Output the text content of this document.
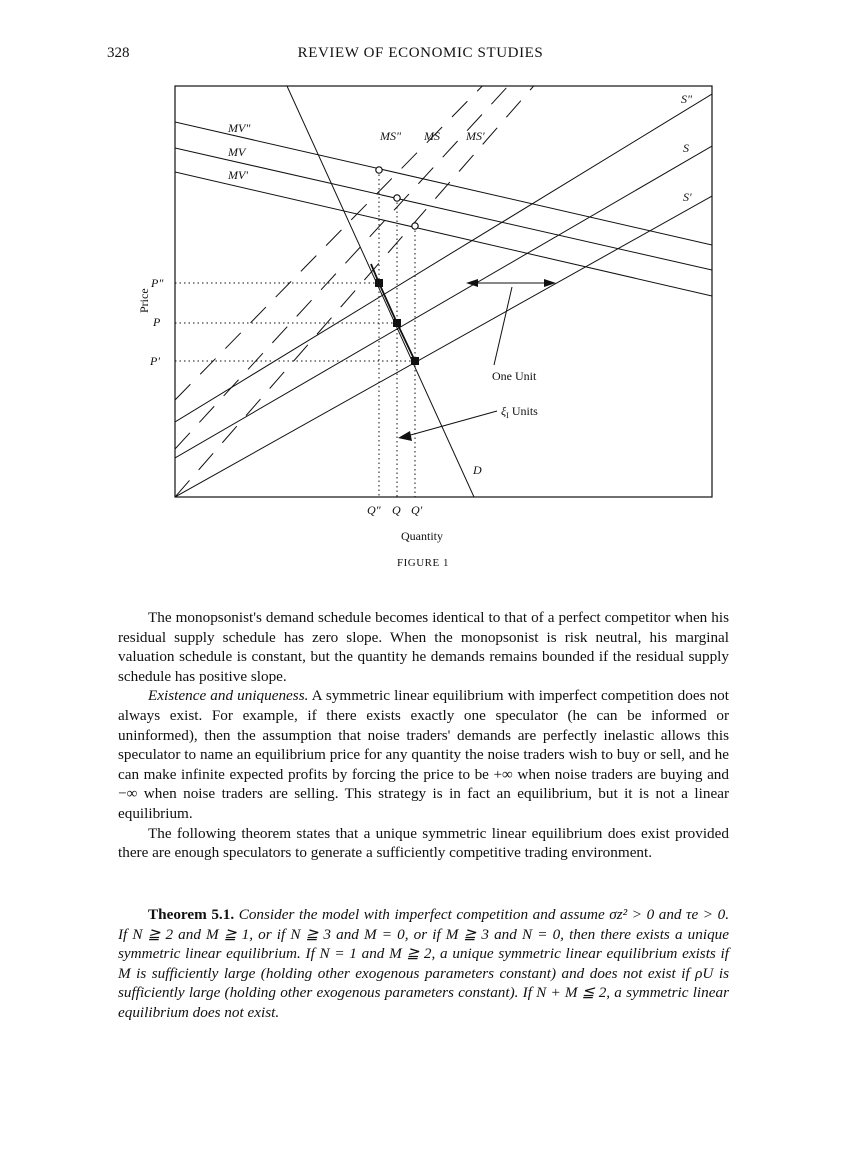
328	REVIEW OF ECONOMIC STUDIES
S"
S
S'
MV"
MV
MV'
MS" MS MS'
P"
P
P'
Q" Q Q'
D
One Unit
$\xi_I$ Units
Quantity
Price
FIGURE 1

The monopsonist's demand schedule becomes identical to that of a perfect competitor when his residual supply schedule has zero slope. When the monopsonist is risk neutral, his marginal valuation schedule is constant, but the quantity he demands remains bounded if the residual supply schedule has positive slope.

Existence and uniqueness. A symmetric linear equilibrium with imperfect competition does not always exist. For example, if there exists exactly one speculator (he can be informed or uninformed), then the assumption that noise traders' demands are perfectly inelastic allows this speculator to name an equilibrium price for any quantity the noise traders wish to buy or sell, and he can make infinite expected profits by forcing the price to be +∞ when noise traders are buying and −∞ when noise traders are selling. This strategy is in fact an equilibrium, but it is not a linear equilibrium.

The following theorem states that a unique symmetric linear equilibrium does exist provided there are enough speculators to generate a sufficiently competitive trading environment.

Theorem 5.1. Consider the model with imperfect competition and assume σz² > 0 and τe > 0. If N ≧ 2 and M ≧ 1, or if N ≧ 3 and M = 0, or if M ≧ 3 and N = 0, then there exists a unique symmetric linear equilibrium. If N = 1 and M ≧ 2, a unique symmetric linear equilibrium exists if M is sufficiently large (holding other exogenous parameters constant) and does not exist if ρU is sufficiently large (holding other exogenous parameters constant). If N + M ≦ 2, a symmetric linear equilibrium does not exist.
